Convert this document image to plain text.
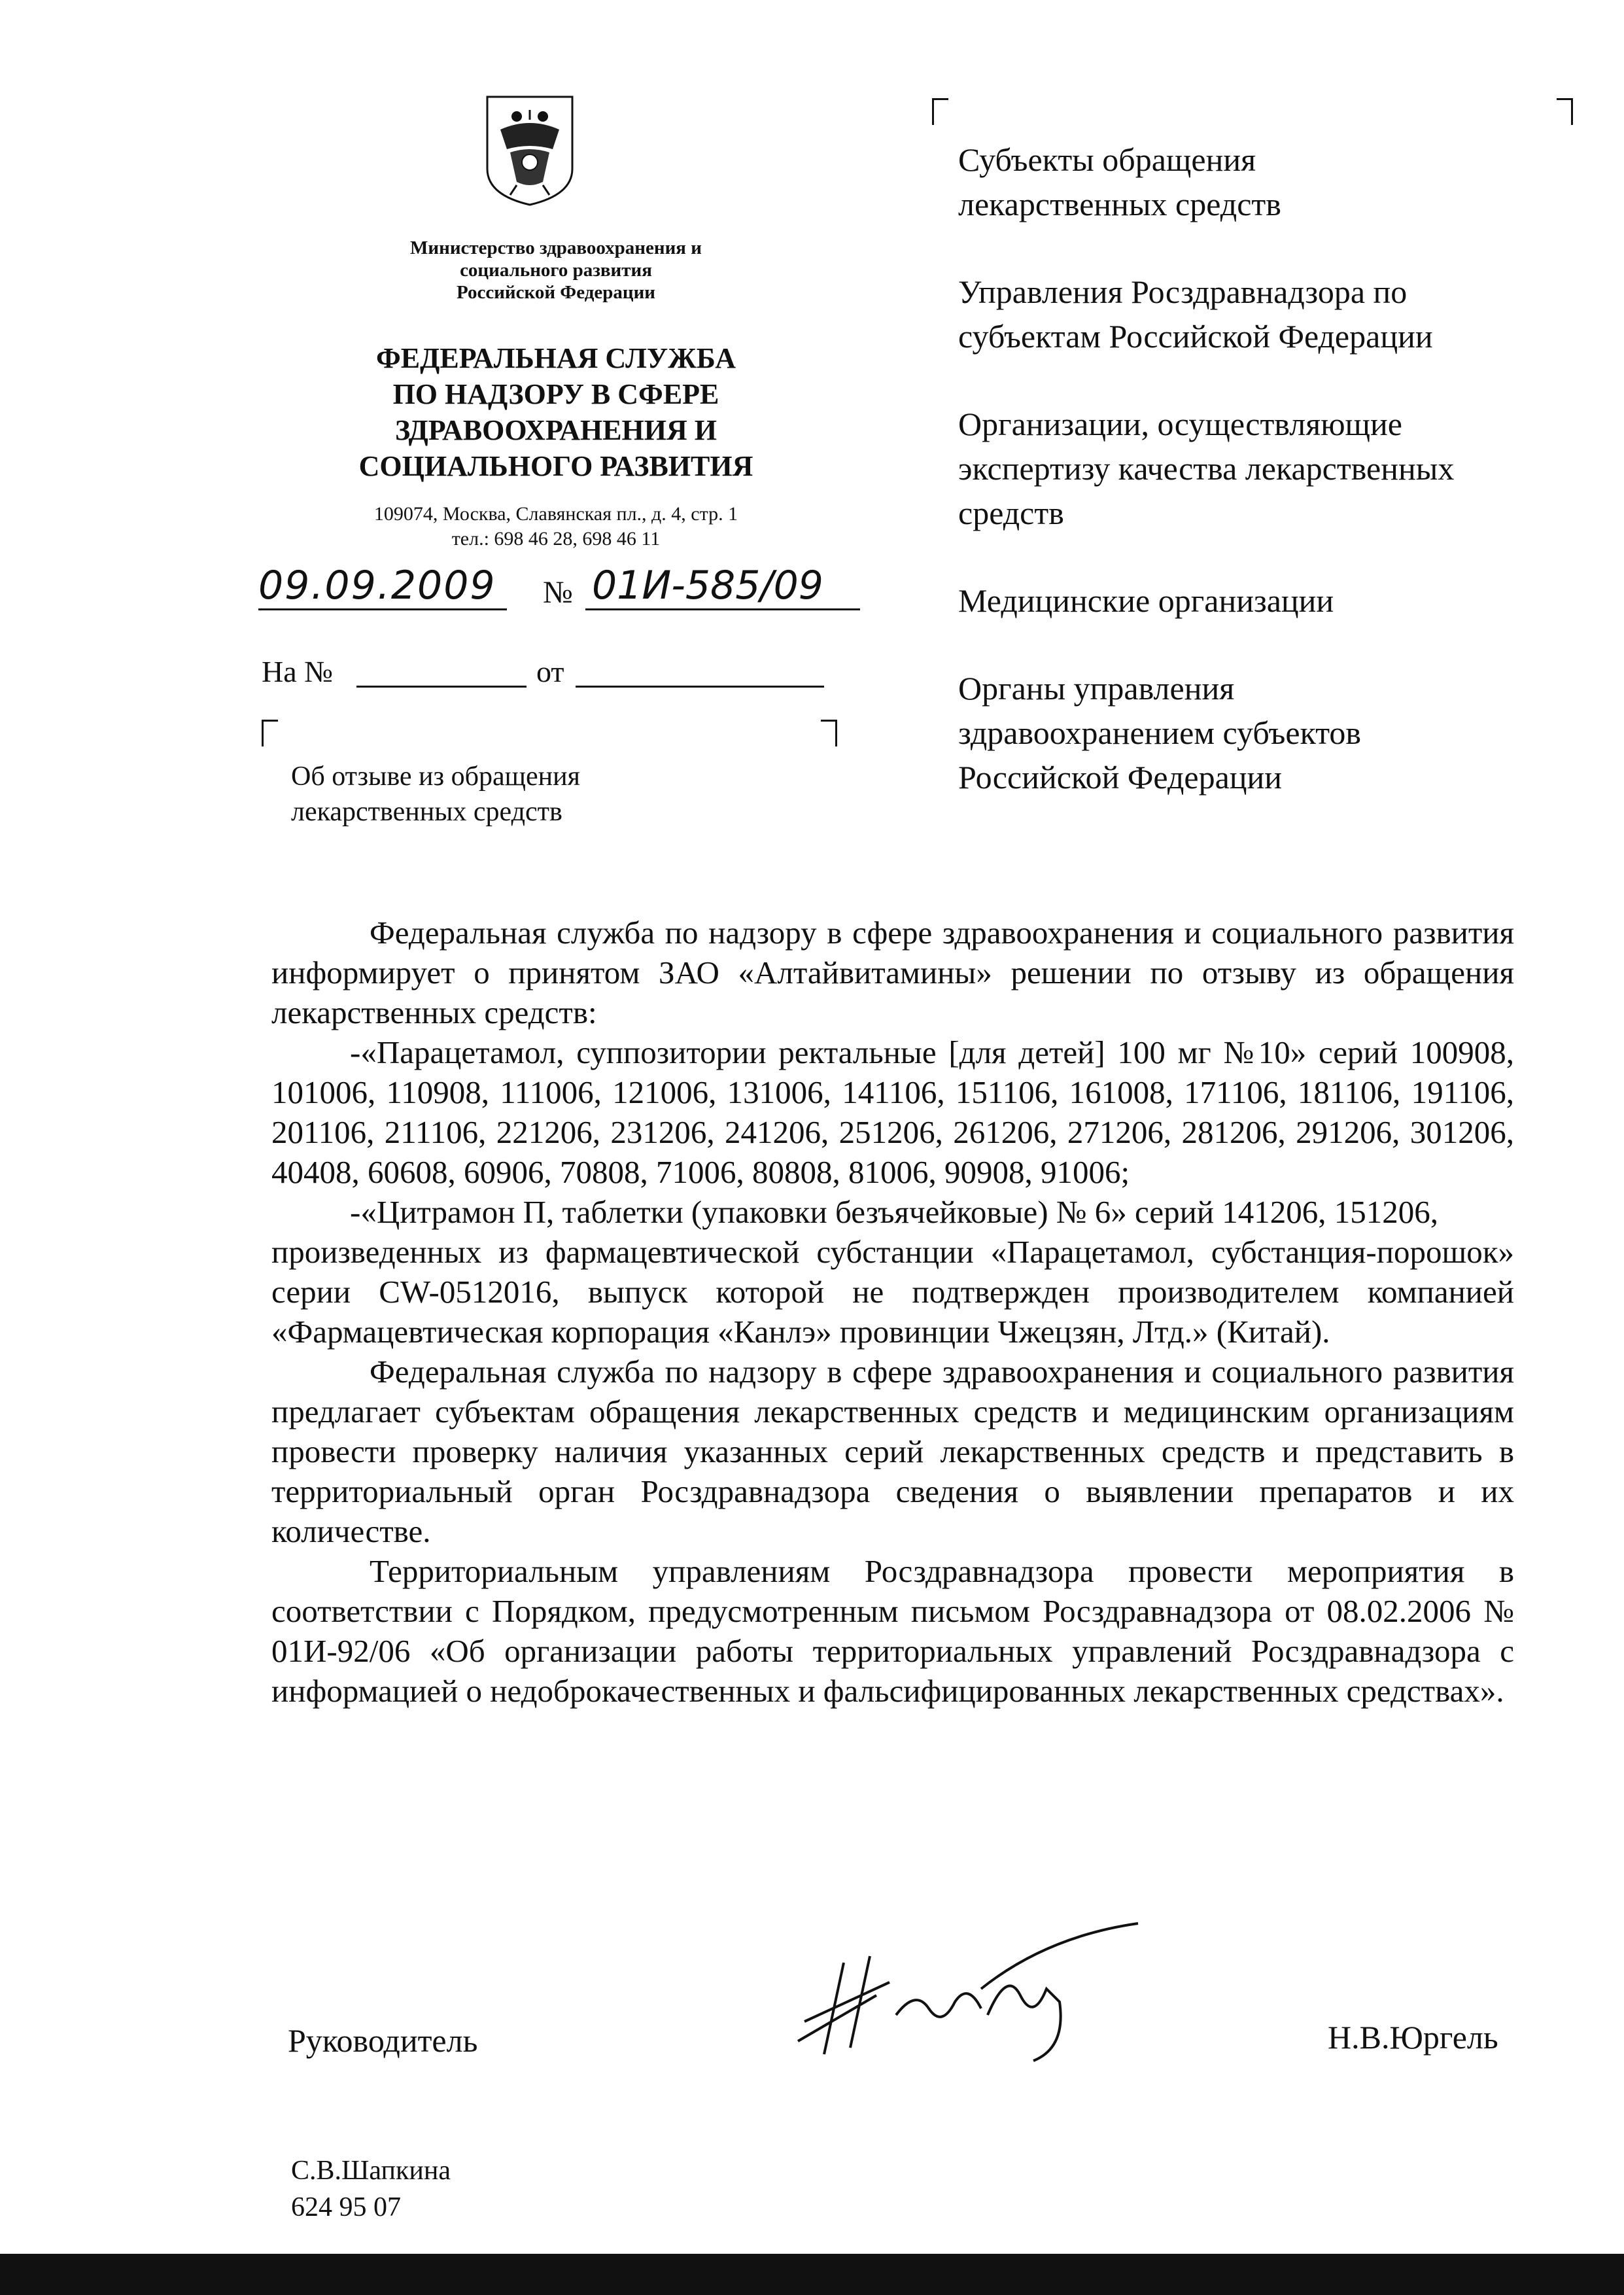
Министерство здравоохранения и
социального развития
Российской Федерации
ФЕДЕРАЛЬНАЯ СЛУЖБА
ПО НАДЗОРУ В СФЕРЕ
ЗДРАВООХРАНЕНИЯ И
СОЦИАЛЬНОГО РАЗВИТИЯ
109074, Москва, Славянская пл., д. 4, стр. 1
тел.: 698 46 28, 698 46 11
09.09.2009 № 01И-585/09
На №	от
Об отзыве из обращения
лекарственных средств
Субъекты обращения
лекарственных средств
Управления Росздравнадзора по
субъектам Российской Федерации
Организации, осуществляющие
экспертизу качества лекарственных
средств
Медицинские организации
Органы управления
здравоохранением субъектов
Российской Федерации

Федеральная служба по надзору в сфере здравоохранения и социального развития информирует о принятом ЗАО «Алтайвитамины» решении по отзыву из обращения лекарственных средств:

-«Парацетамол, суппозитории ректальные [для детей] 100 мг №10» серий 100908, 101006, 110908, 111006, 121006, 131006, 141106, 151106, 161008, 171106, 181106, 191106, 201106, 211106, 221206, 231206, 241206, 251206, 261206, 271206, 281206, 291206, 301206, 40408, 60608, 60906, 70808, 71006, 80808, 81006, 90908, 91006;

-«Цитрамон П, таблетки (упаковки безъячейковые) № 6» серий 141206, 151206,

произведенных из фармацевтической субстанции «Парацетамол, субстанция-порошок» серии CW-0512016, выпуск которой не подтвержден производителем компанией «Фармацевтическая корпорация «Канлэ» провинции Чжецзян, Лтд.» (Китай).

Федеральная служба по надзору в сфере здравоохранения и социального развития предлагает субъектам обращения лекарственных средств и медицинским организациям провести проверку наличия указанных серий лекарственных средств и представить в территориальный орган Росздравнадзора сведения о выявлении препаратов и их количестве.

Территориальным управлениям Росздравнадзора провести мероприятия в соответствии с Порядком, предусмотренным письмом Росздравнадзора от 08.02.2006 № 01И-92/06 «Об организации работы территориальных управлений Росздравнадзора с информацией о недоброкачественных и фальсифицированных лекарственных средствах».

Руководитель	Н.В.Юргель
С.В.Шапкина
624 95 07
